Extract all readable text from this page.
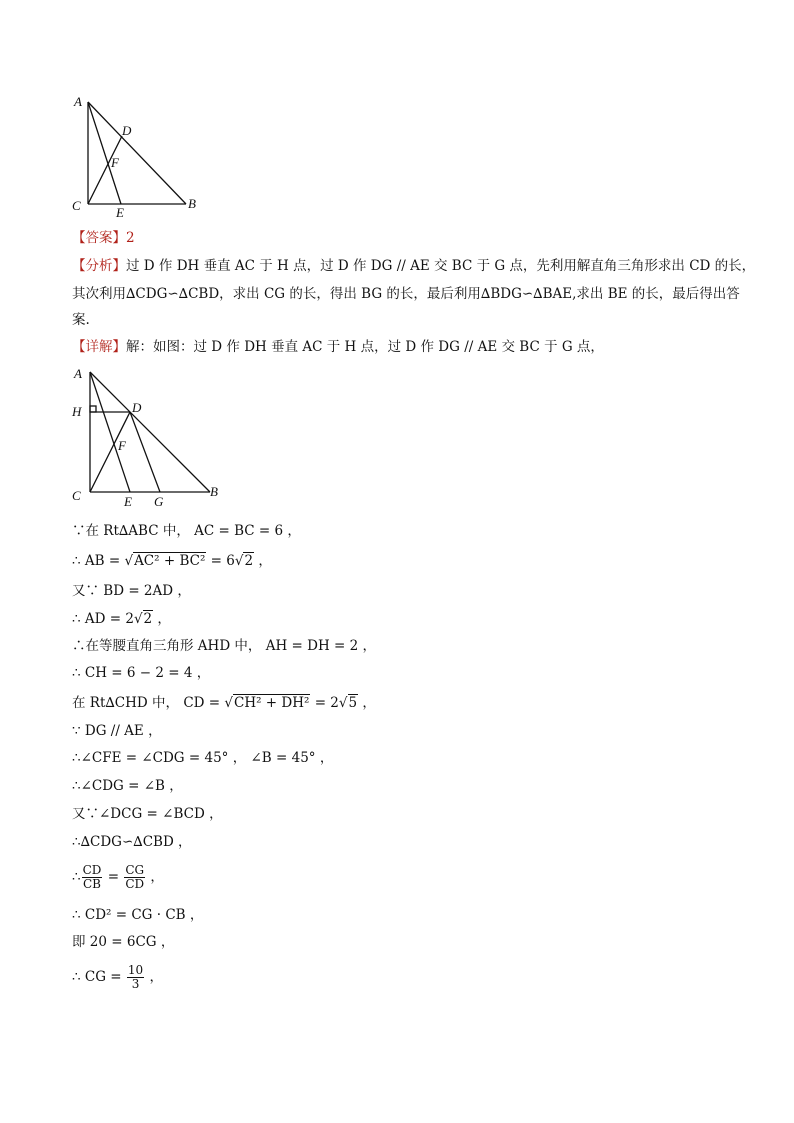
A
D
F
C	E
B
【答案】2
【分析】过 D 作 DH 垂直 AC 于 H 点，过 D 作 DG // AE 交 BC 于 G 点，先利用解直角三角形求出 CD 的长，
其次利用∆CDG∽∆CBD，求出 CG 的长，得出 BG 的长，最后利用∆BDG∽∆BAE,求出 BE 的长，最后得出答
案.
【详解】解：如图：过 D 作 DH 垂直 AC 于 H 点，过 D 作 DG // AE 交 BC 于 G 点，
A
H	D
F
C	E G
B
∵在 Rt∆ABC 中， AC = BC = 6 ，
∴ AB = √AC² + BC² = 6√2 ，
又∵ BD = 2AD ，
∴ AD = 2√2 ，
∴在等腰直角三角形 AHD 中， AH = DH = 2 ，
∴ CH = 6 − 2 = 4 ，
在 Rt∆CHD 中， CD = √CH² + DH² = 2√5 ，
∵ DG // AE ，
∴∠CFE = ∠CDG = 45° ， ∠B = 45° ，
∴∠CDG = ∠B ，
又∵∠DCG = ∠BCD ，
∴∆CDG∽∆CBD ，
∴ $\frac{CD}{CB} = \frac{CG}{CD}$ ，
∴ CD² = CG · CB ，
即 20 = 6CG ，
∴ CG = $\frac{10}{3}$ ，
